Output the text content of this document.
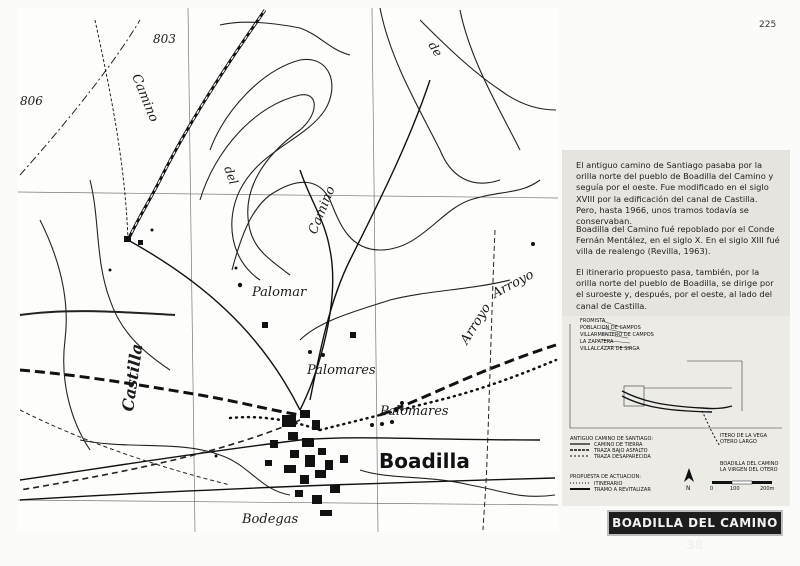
225
803
806	Camino
de
del
Camino
Arroyo
Arroyo
Castilla
Palomar
Palomares
Palomares
Boadilla
Bodegas

El antiguo camino de Santiago pasaba por la orilla norte del pueblo de Boadilla del Camino y seguía por el oeste. Fue modificado en el siglo XVIII por la edificación del canal de Castilla. Pero, hasta 1966, unos tramos todavía se conservaban.

Boadilla del Camino fué repoblado por el Conde Fernán Mentález, en el siglo X. En el siglo XIII fué villa de realengo (Revilla, 1963).

El itinerario propuesto pasa, también, por la orilla norte del pueblo de Boadilla, se dirige por el suroeste y, después, por el oeste, al lado del canal de Castilla.

FROMISTA
POBLACION DE CAMPOS
VILLARMENTERO DE CAMPOS
LA ZAPATERA
VILLALCAZAR DE SIRGA
ITERO DE LA VEGA
OTERO LARGO
BOADILLA DEL CAMINO
LA VIRGEN DEL OTERO
ANTIGUO CAMINO DE SANTIAGO:
CAMINO DE TIERRA
TRAZA BAJO ASFALTO
TRAZA DESAPARECIDA
PROPUESTA DE ACTUACION:
ITINERARIO
TRAMO A REVITALIZAR	N	0	100	200m
BOADILLA DEL CAMINO 38
